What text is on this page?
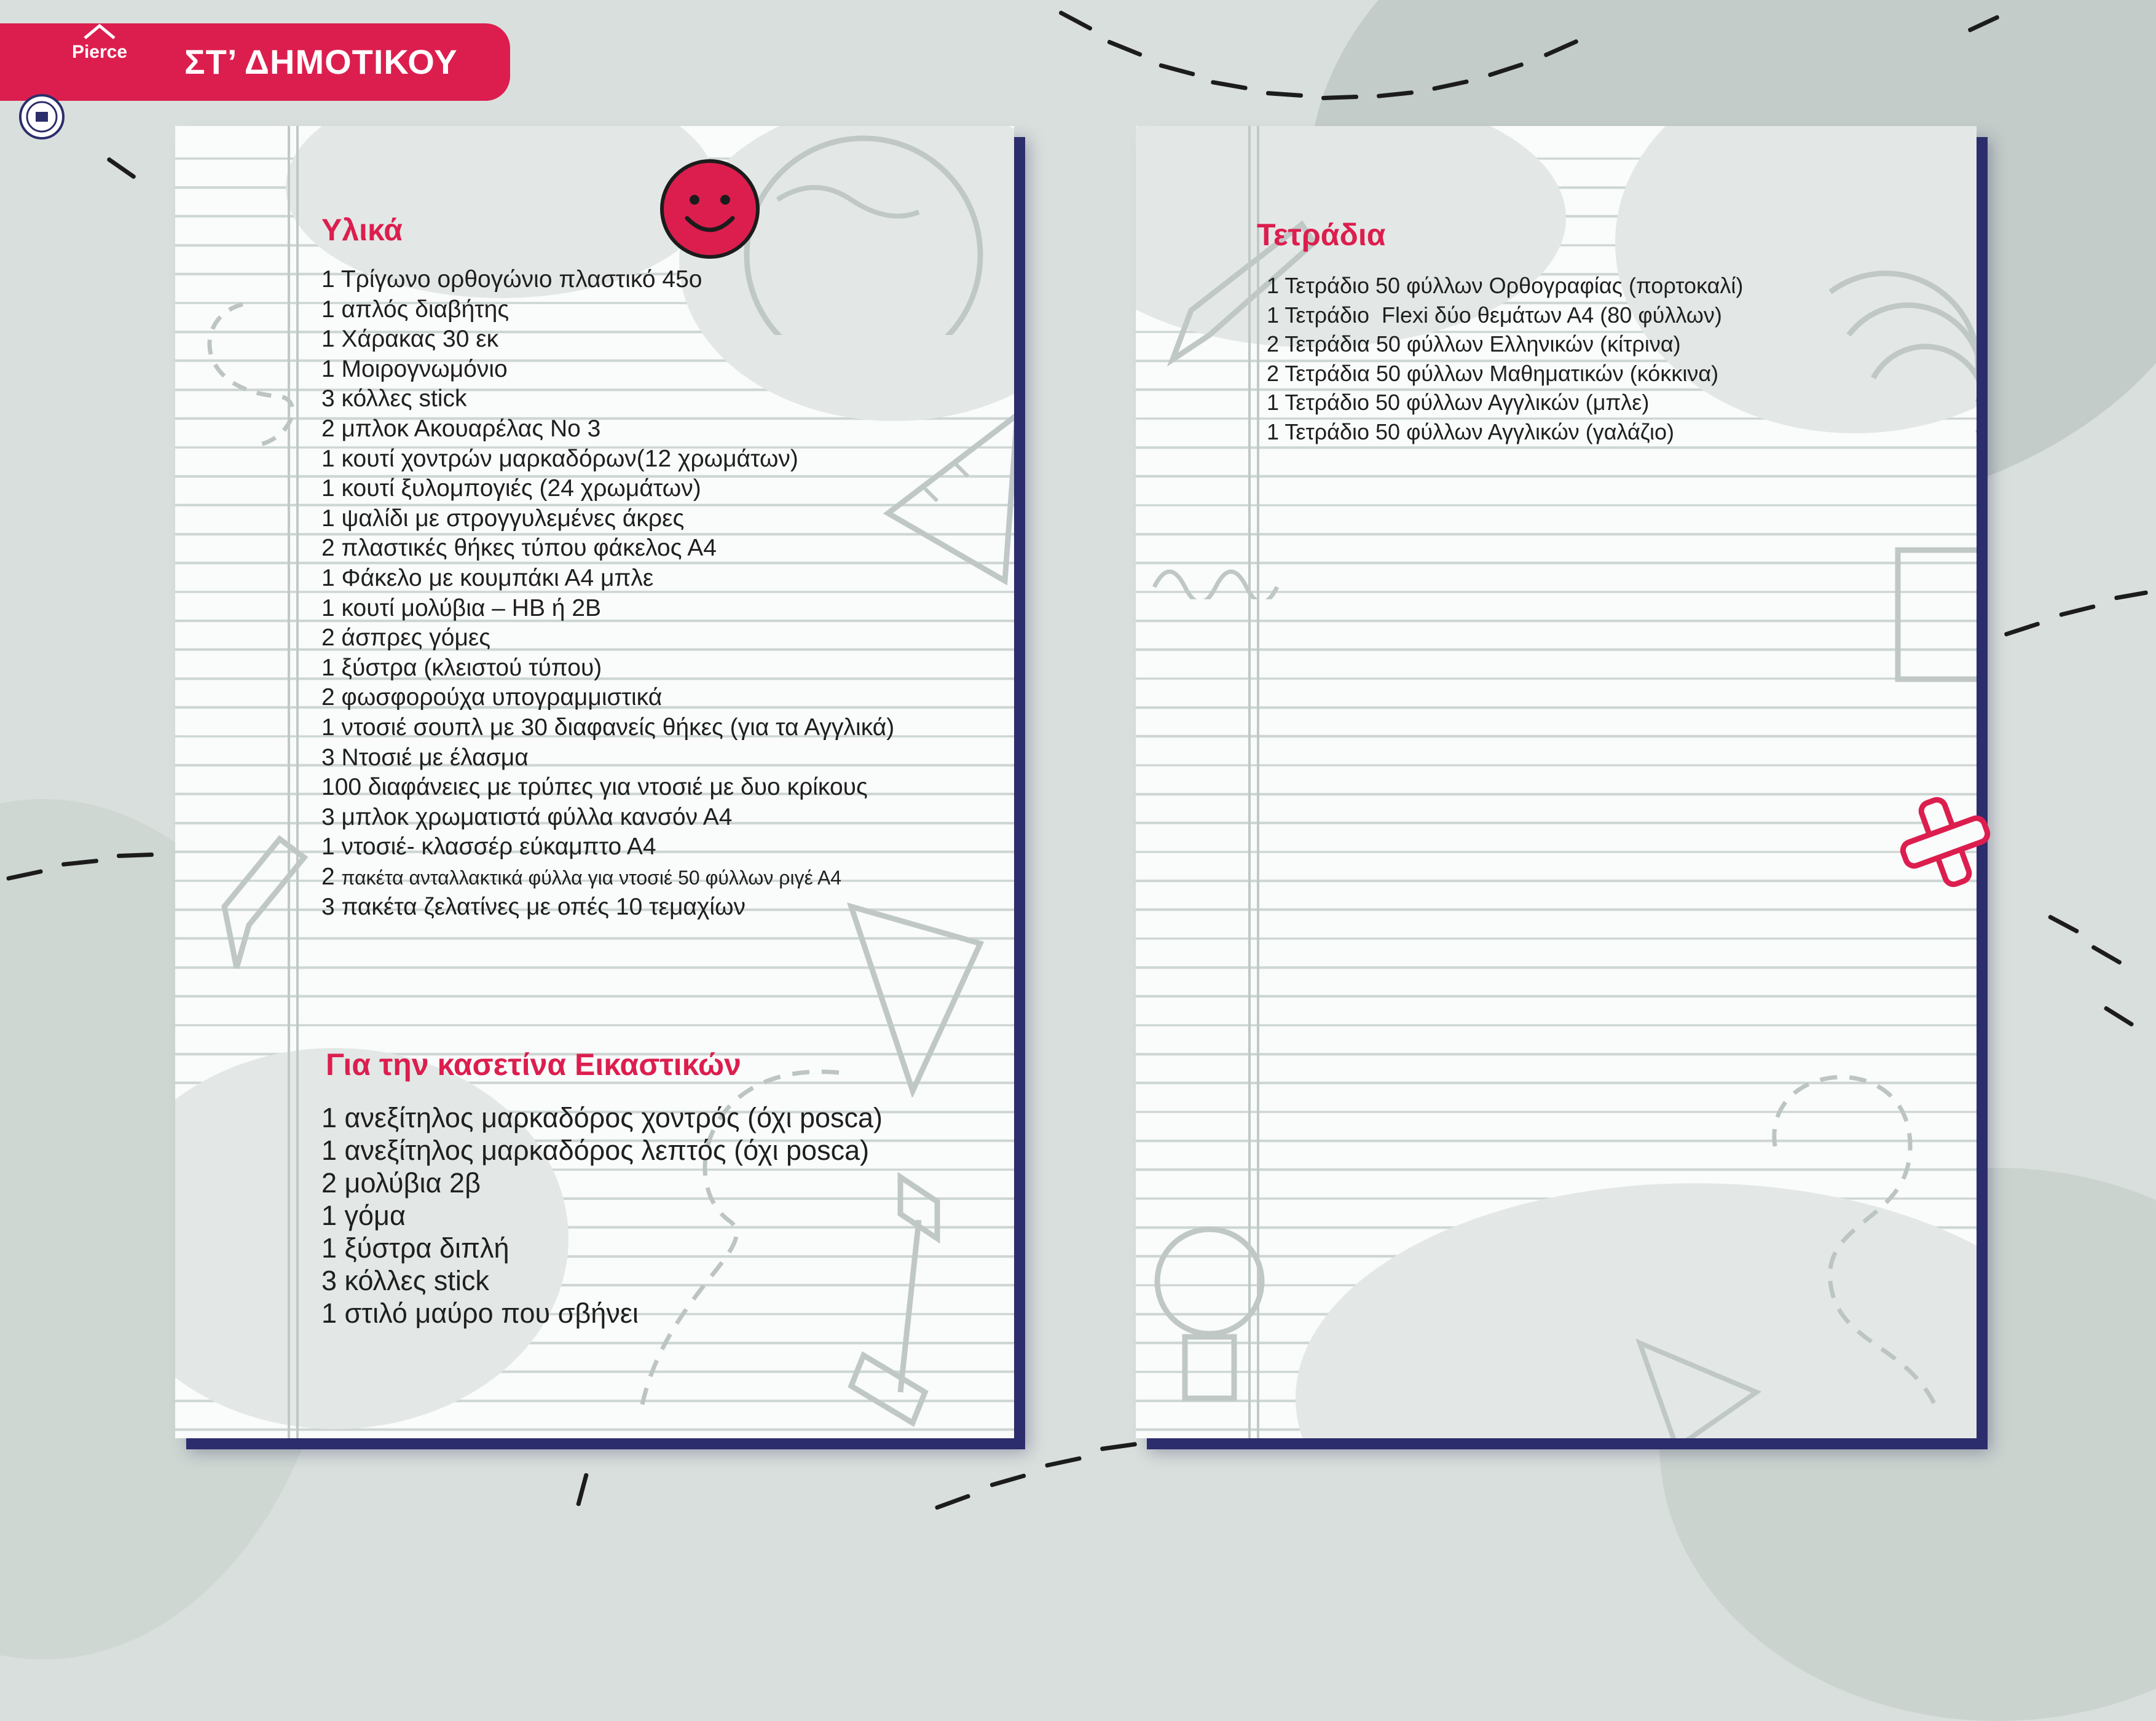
Pierce	ΣΤ’ ΔΗΜΟΤΙΚΟΥ
Υλικά
1 Τρίγωνο ορθογώνιο πλαστικό 45ο
1 απλός διαβήτης
1 Χάρακας 30 εκ
1 Μοιρογνωμόνιο
3 κόλλες stick
2 μπλοκ Ακουαρέλας Νο 3
1 κουτί χοντρών μαρκαδόρων(12 χρωμάτων)
1 κουτί ξυλομπογιές (24 χρωμάτων)
1 ψαλίδι με στρογγυλεμένες άκρες
2 πλαστικές θήκες τύπου φάκελος Α4
1 Φάκελο με κουμπάκι Α4 μπλε
1 κουτί μολύβια – ΗΒ ή 2Β
2 άσπρες γόμες
1 ξύστρα (κλειστού τύπου)
2 φωσφορούχα υπογραμμιστικά
1 ντοσιέ σουπλ με 30 διαφανείς θήκες (για τα Αγγλικά)
3 Ντοσιέ με έλασμα
100 διαφάνειες με τρύπες για ντοσιέ με δυο κρίκους
3 μπλοκ χρωματιστά φύλλα κανσόν Α4
1 ντοσιέ- κλασσέρ εύκαμπτο Α4
2 πακέτα ανταλλακτικά φύλλα για ντοσιέ 50 φύλλων ριγέ Α4
3 πακέτα ζελατίνες με οπές 10 τεμαχίων
Για την κασετίνα Εικαστικών
1 ανεξίτηλος μαρκαδόρος χοντρός (όχι posca)
1 ανεξίτηλος μαρκαδόρος λεπτός (όχι posca)
2 μολύβια 2β
1 γόμα
1 ξύστρα διπλή
3 κόλλες stick
1 στιλό μαύρο που σβήνει
Τετράδια
1 Τετράδιο 50 φύλλων Ορθογραφίας (πορτοκαλί)
1 Τετράδιο  Flexi δύο θεμάτων Α4 (80 φύλλων)
2 Τετράδια 50 φύλλων Ελληνικών (κίτρινα)
2 Τετράδια 50 φύλλων Μαθηματικών (κόκκινα)
1 Τετράδιο 50 φύλλων Αγγλικών (μπλε)
1 Τετράδιο 50 φύλλων Αγγλικών (γαλάζιο)
